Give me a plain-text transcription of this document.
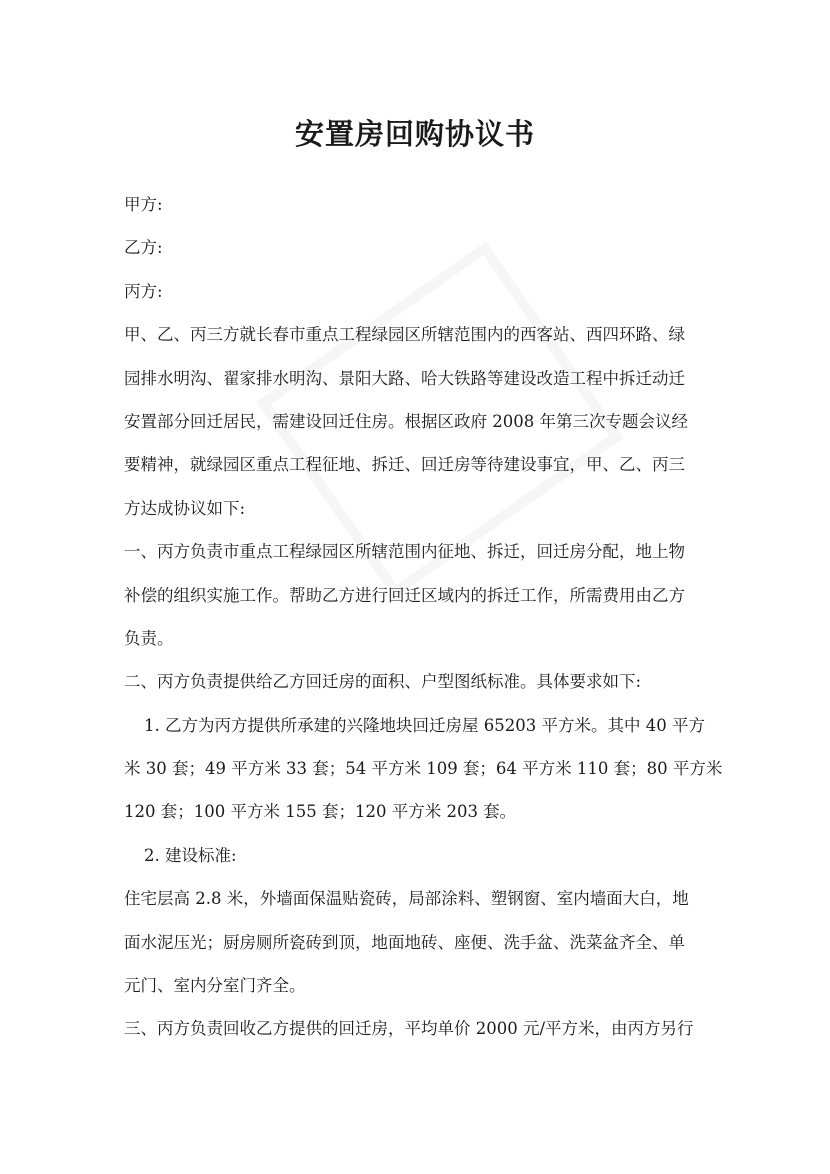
安置房回购协议书
甲方:
乙方:
丙方:
甲、乙、丙三方就长春市重点工程绿园区所辖范围内的西客站、西四环路、绿
园排水明沟、翟家排水明沟、景阳大路、哈大铁路等建设改造工程中拆迁动迁
安置部分回迁居民，需建设回迁住房。根据区政府 2008 年第三次专题会议经
要精神，就绿园区重点工程征地、拆迁、回迁房等待建设事宜，甲、乙、丙三
方达成协议如下:
一、丙方负责市重点工程绿园区所辖范围内征地、拆迁，回迁房分配，地上物
补偿的组织实施工作。帮助乙方进行回迁区域内的拆迁工作，所需费用由乙方
负责。
二、丙方负责提供给乙方回迁房的面积、户型图纸标准。具体要求如下:
1. 乙方为丙方提供所承建的兴隆地块回迁房屋 65203 平方米。其中 40 平方
米 30 套；49 平方米 33 套；54 平方米 109 套；64 平方米 110 套；80 平方米
120 套；100 平方米 155 套；120 平方米 203 套。
2. 建设标准:
住宅层高 2.8 米，外墙面保温贴瓷砖，局部涂料、塑钢窗、室内墙面大白，地
面水泥压光；厨房厕所瓷砖到顶，地面地砖、座便、洗手盆、洗菜盆齐全、单
元门、室内分室门齐全。
三、丙方负责回收乙方提供的回迁房，平均单价 2000 元/平方米，由丙方另行
